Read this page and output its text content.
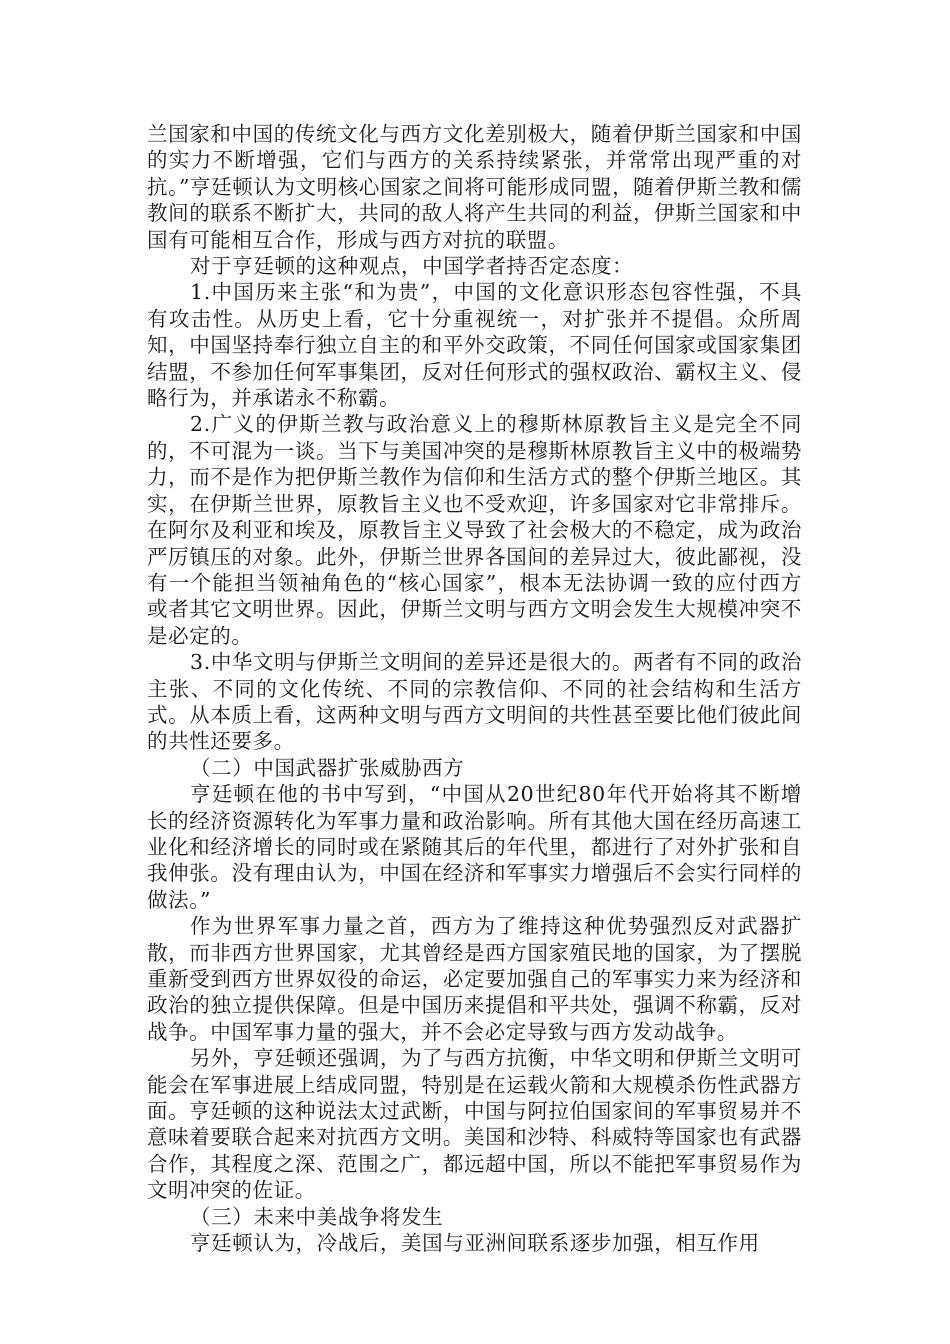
兰国家和中国的传统文化与西方文化差别极大，随着伊斯兰国家和中国的实力不断增强，它们与西方的关系持续紧张，并常常出现严重的对抗。”亨廷顿认为文明核心国家之间将可能形成同盟，随着伊斯兰教和儒教间的联系不断扩大，共同的敌人将产生共同的利益，伊斯兰国家和中国有可能相互合作，形成与西方对抗的联盟。

对于亨廷顿的这种观点，中国学者持否定态度：

1.中国历来主张“和为贵”，中国的文化意识形态包容性强，不具有攻击性。从历史上看，它十分重视统一，对扩张并不提倡。众所周知，中国坚持奉行独立自主的和平外交政策，不同任何国家或国家集团结盟，不参加任何军事集团，反对任何形式的强权政治、霸权主义、侵略行为，并承诺永不称霸。

2.广义的伊斯兰教与政治意义上的穆斯林原教旨主义是完全不同的，不可混为一谈。当下与美国冲突的是穆斯林原教旨主义中的极端势力，而不是作为把伊斯兰教作为信仰和生活方式的整个伊斯兰地区。其实，在伊斯兰世界，原教旨主义也不受欢迎，许多国家对它非常排斥。在阿尔及利亚和埃及，原教旨主义导致了社会极大的不稳定，成为政治严厉镇压的对象。此外，伊斯兰世界各国间的差异过大，彼此鄙视，没有一个能担当领袖角色的“核心国家”，根本无法协调一致的应付西方或者其它文明世界。因此，伊斯兰文明与西方文明会发生大规模冲突不是必定的。

3.中华文明与伊斯兰文明间的差异还是很大的。两者有不同的政治主张、不同的文化传统、不同的宗教信仰、不同的社会结构和生活方式。从本质上看，这两种文明与西方文明间的共性甚至要比他们彼此间的共性还要多。

（二）中国武器扩张威胁西方

亨廷顿在他的书中写到，“中国从20世纪80年代开始将其不断增长的经济资源转化为军事力量和政治影响。所有其他大国在经历高速工业化和经济增长的同时或在紧随其后的年代里，都进行了对外扩张和自我伸张。没有理由认为，中国在经济和军事实力增强后不会实行同样的做法。”

作为世界军事力量之首，西方为了维持这种优势强烈反对武器扩散，而非西方世界国家，尤其曾经是西方国家殖民地的国家，为了摆脱重新受到西方世界奴役的命运，必定要加强自己的军事实力来为经济和政治的独立提供保障。但是中国历来提倡和平共处，强调不称霸，反对战争。中国军事力量的强大，并不会必定导致与西方发动战争。

另外，亨廷顿还强调，为了与西方抗衡，中华文明和伊斯兰文明可能会在军事进展上结成同盟，特别是在运载火箭和大规模杀伤性武器方面。亨廷顿的这种说法太过武断，中国与阿拉伯国家间的军事贸易并不意味着要联合起来对抗西方文明。美国和沙特、科威特等国家也有武器合作，其程度之深、范围之广，都远超中国，所以不能把军事贸易作为文明冲突的佐证。

（三）未来中美战争将发生

亨廷顿认为，冷战后，美国与亚洲间联系逐步加强，相互作用
